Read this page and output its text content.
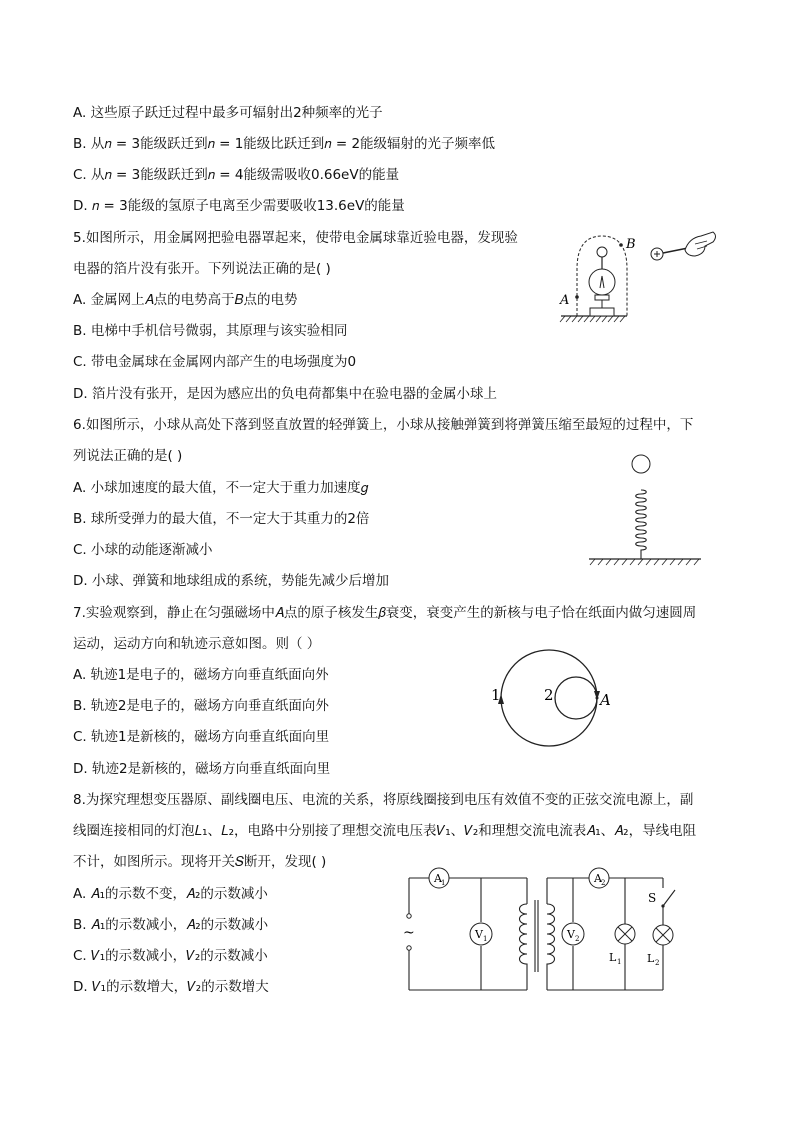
A. 这些原子跃迁过程中最多可辐射出2种频率的光子
B. 从𝑛 = 3能级跃迁到𝑛 = 1能级比跃迁到𝑛 = 2能级辐射的光子频率低
C. 从𝑛 = 3能级跃迁到𝑛 = 4能级需吸收0.66eV的能量
D. 𝑛 = 3能级的氢原子电离至少需要吸收13.6eV的能量
5.如图所示，用金属网把验电器罩起来，使带电金属球靠近验电器，发现验
电器的箔片没有张开。下列说法正确的是( )
A. 金属网上𝐴点的电势高于𝐵点的电势
B. 电梯中手机信号微弱，其原理与该实验相同
C. 带电金属球在金属网内部产生的电场强度为0
D. 箔片没有张开，是因为感应出的负电荷都集中在验电器的金属小球上
A
B
6.如图所示，小球从高处下落到竖直放置的轻弹簧上，小球从接触弹簧到将弹簧压缩至最短的过程中，下
列说法正确的是( )
A. 小球加速度的最大值，不一定大于重力加速度𝑔
B. 球所受弹力的最大值，不一定大于其重力的2倍
C. 小球的动能逐渐减小
D. 小球、弹簧和地球组成的系统，势能先减少后增加
7.实验观察到，静止在匀强磁场中𝐴点的原子核发生𝛽衰变，衰变产生的新核与电子恰在纸面内做匀速圆周
运动，运动方向和轨迹示意如图。则（ ）
A. 轨迹1是电子的，磁场方向垂直纸面向外
B. 轨迹2是电子的，磁场方向垂直纸面向外
C. 轨迹1是新核的，磁场方向垂直纸面向里
D. 轨迹2是新核的，磁场方向垂直纸面向里
1	2	A
8.为探究理想变压器原、副线圈电压、电流的关系，将原线圈接到电压有效值不变的正弦交流电源上，副
线圈连接相同的灯泡𝐿₁、𝐿₂，电路中分别接了理想交流电压表𝑉₁、𝑉₂和理想交流电流表𝐴₁、𝐴₂，导线电阻
不计，如图所示。现将开关𝑆断开，发现( )
A. 𝐴₁的示数不变，𝐴₂的示数减小
B. 𝐴₁的示数减小，𝐴₂的示数减小
C. 𝑉₁的示数减小，𝑉₂的示数减小
D. 𝑉₁的示数增大，𝑉₂的示数增大
~
S
A 1
V 1
A 2
V 2
L 1 L 2
